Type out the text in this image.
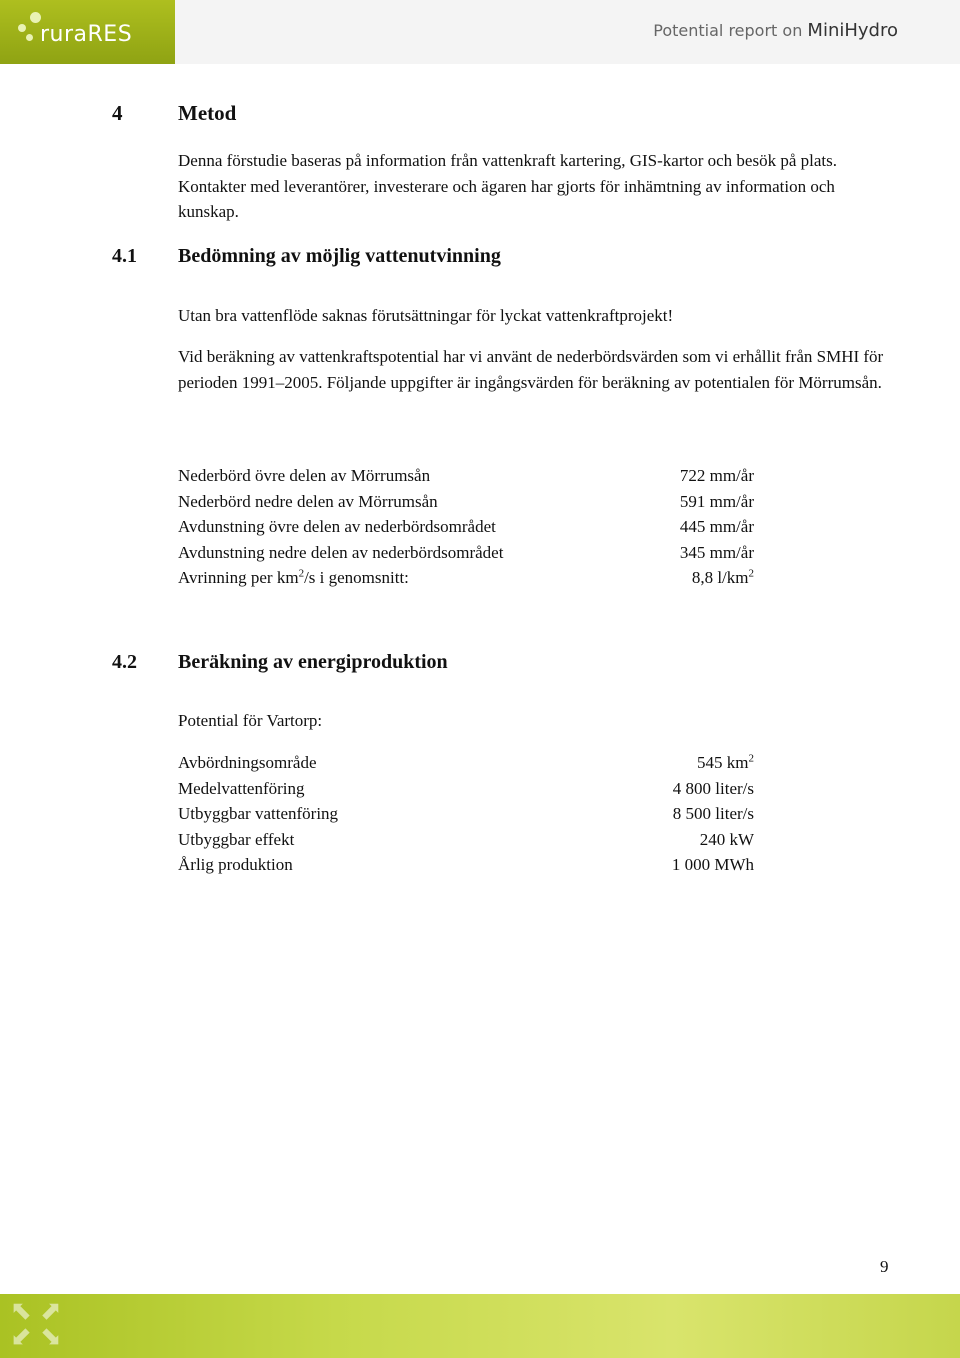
ruraRES	Potential report on MiniHydro
4	Metod

Denna förstudie baseras på information från vattenkraft kartering, GIS-kartor och besök på plats. Kontakter med leverantörer, investerare och ägaren har gjorts för inhämtning av information och kunskap.

4.1 Bedömning av möjlig vattenutvinning

Utan bra vattenflöde saknas förutsättningar för lyckat vattenkraftprojekt!

Vid beräkning av vattenkraftspotential har vi använt de nederbördsvärden som vi erhållit från SMHI för perioden 1991–2005. Följande uppgifter är ingångsvärden för beräkning av potentialen för Mörrumsån.

Nederbörd övre delen av Mörrumsån	722 mm/år
Nederbörd nedre delen av Mörrumsån	591 mm/år
Avdunstning övre delen av nederbördsområdet	445 mm/år
Avdunstning nedre delen av nederbördsområdet	345 mm/år
Avrinning per $km^2/s$ i genomsnitt:	8,8 $l/km^2$
4.2 Beräkning av energiproduktion

Potential för Vartorp:

Avbördningsområde	545 $km^2$
Medelvattenföring	4 800 liter/s
Utbyggbar vattenföring	8 500 liter/s
Utbyggbar effekt	240 kW
Årlig produktion	1 000 MWh
9
⬉ ⬈
⬋ ⬊
